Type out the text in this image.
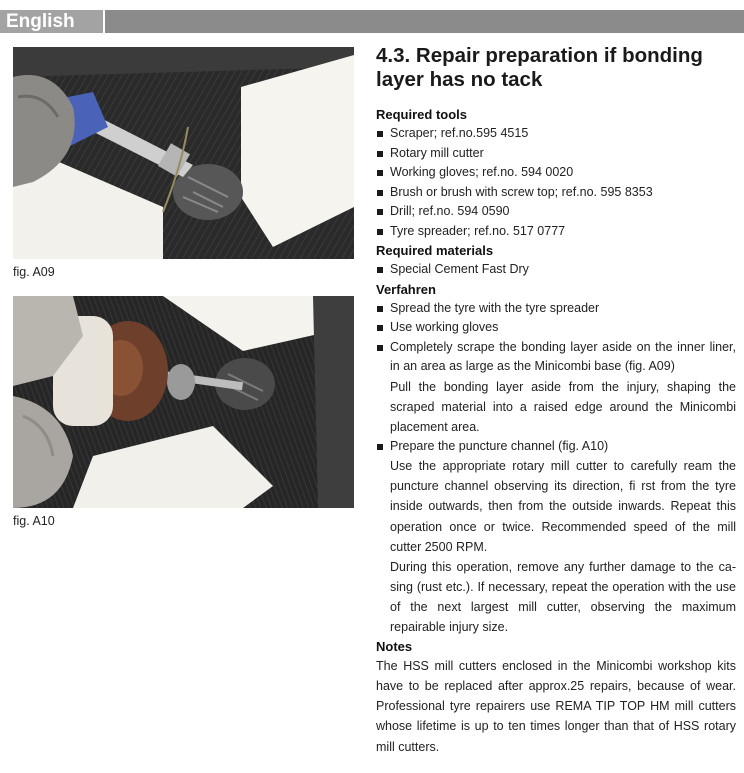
English
fig. A09
fig. A10
4.3. Repair preparation if bonding
layer has no tack
Required tools
Scraper; ref.no.595 4515
Rotary mill cutter
Working gloves; ref.no. 594 0020
Brush or brush with screw top; ref.no. 595 8353
Drill; ref.no. 594 0590
Tyre spreader; ref.no. 517 0777
Required materials
Special Cement Fast Dry
Verfahren
Spread the tyre with the tyre spreader
Use working gloves
Completely scrape the bonding layer aside on the inner liner, in an area as large as the Minicombi base (fig. A09)

Pull the bonding layer aside from the injury, shaping the scraped material into a raised edge around the Minicombi placement area.

Prepare the puncture channel (fig. A10)

Use the appropriate rotary mill cutter to carefully ream the puncture channel observing its direction, fi rst from the tyre inside outwards, then from the outside inwards. Repeat this operation once or twice. Recommended speed of the mill cutter 2500 RPM.

During this operation, remove any further damage to the ca-sing (rust etc.). If necessary, repeat the operation with the use of the next largest mill cutter, observing the maximum repairable injury size.

Notes

The HSS mill cutters enclosed in the Minicombi workshop kits have to be replaced after approx.25 repairs, because of wear. Professional tyre repairers use REMA TIP TOP HM mill cutters whose lifetime is up to ten times longer than that of HSS rotary mill cutters.
